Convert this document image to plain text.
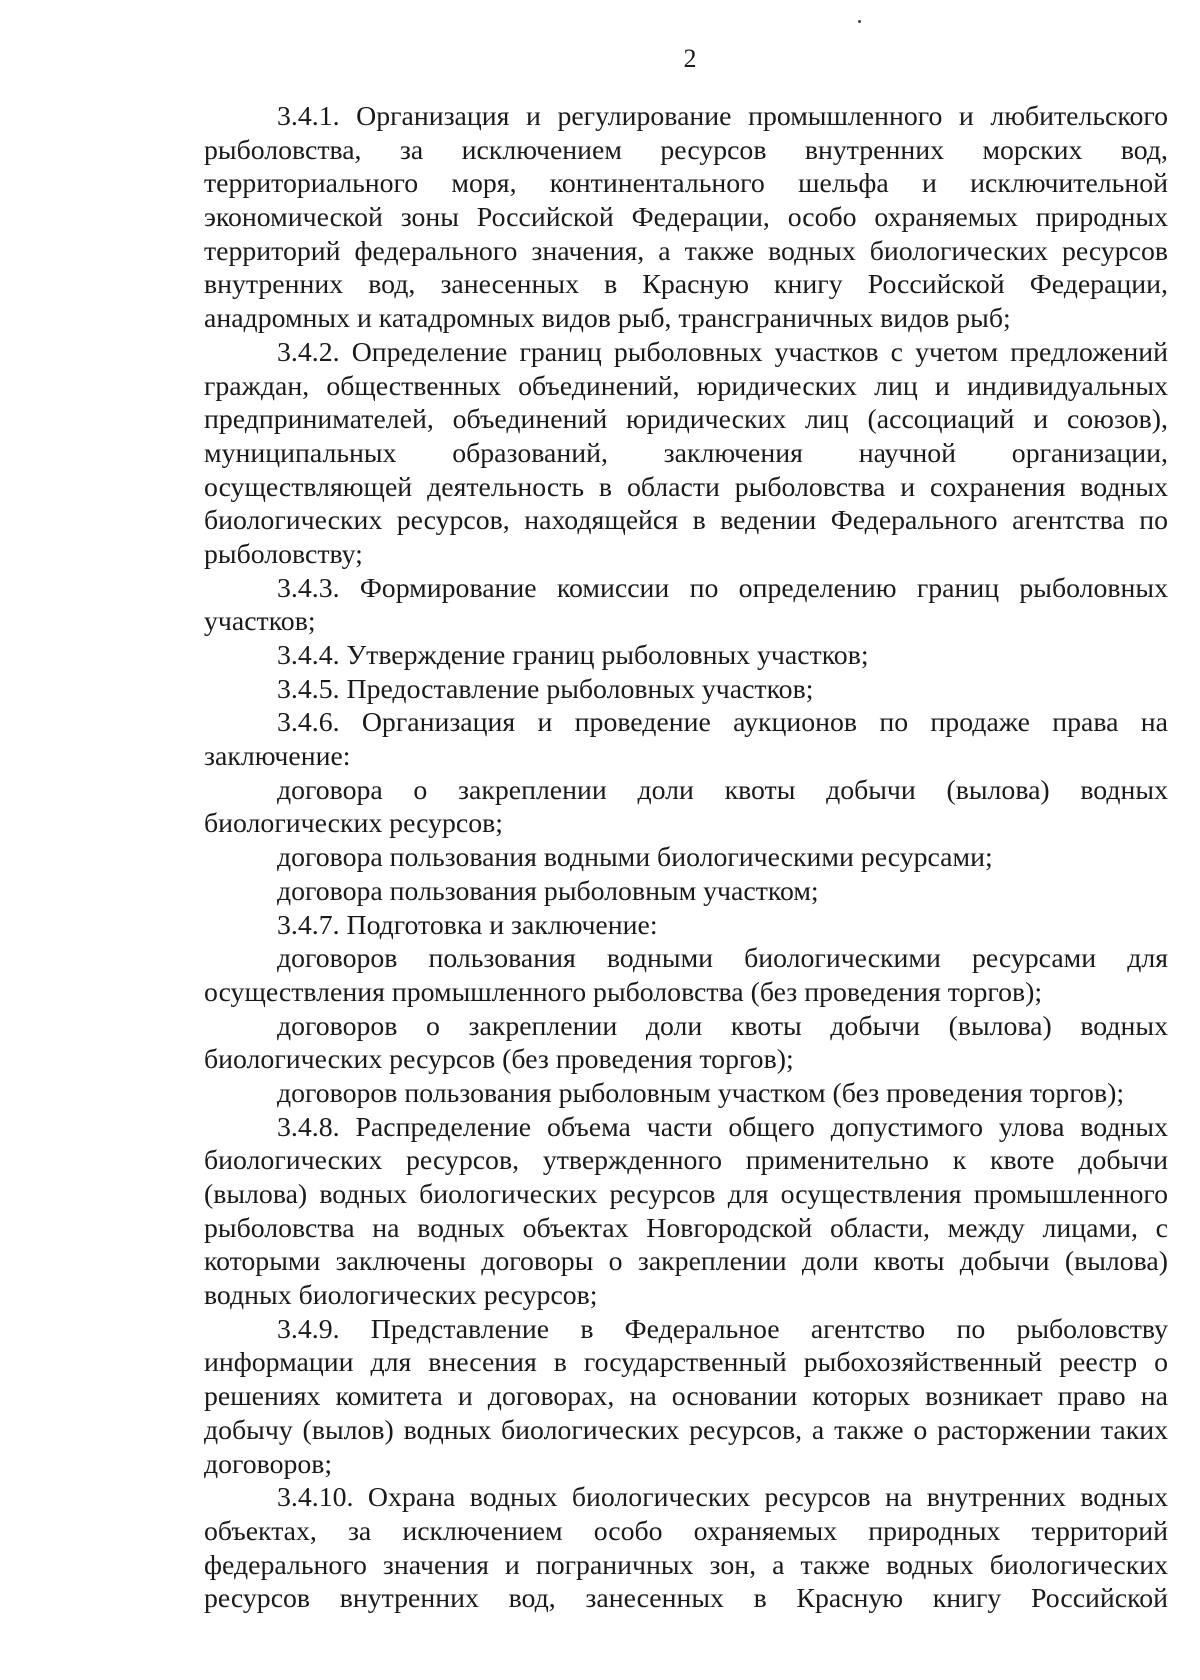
2

3.4.1. Организация и регулирование промышленного и любительского рыболовства, за исключением ресурсов внутренних морских вод, территориального моря, континентального шельфа и исключительной экономической зоны Российской Федерации, особо охраняемых природных территорий федерального значения, а также водных биологических ресурсов внутренних вод, занесенных в Красную книгу Российской Федерации, анадромных и катадромных видов рыб, трансграничных видов рыб;

3.4.2. Определение границ рыболовных участков с учетом предложений граждан, общественных объединений, юридических лиц и индивидуальных предпринимателей, объединений юридических лиц (ассоциаций и союзов), муниципальных образований, заключения научной организации, осуществляющей деятельность в области рыболовства и сохранения водных биологических ресурсов, находящейся в ведении Федерального агентства по рыболовству;

3.4.3. Формирование комиссии по определению границ рыболовных участков;

3.4.4. Утверждение границ рыболовных участков;

3.4.5. Предоставление рыболовных участков;

3.4.6. Организация и проведение аукционов по продаже права на заключение:

договора о закреплении доли квоты добычи (вылова) водных биологических ресурсов;

договора пользования водными биологическими ресурсами;

договора пользования рыболовным участком;

3.4.7. Подготовка и заключение:

договоров пользования водными биологическими ресурсами для осуществления промышленного рыболовства (без проведения торгов);

договоров о закреплении доли квоты добычи (вылова) водных биологических ресурсов (без проведения торгов);

договоров пользования рыболовным участком (без проведения торгов);

3.4.8. Распределение объема части общего допустимого улова водных биологических ресурсов, утвержденного применительно к квоте добычи (вылова) водных биологических ресурсов для осуществления промышленного рыболовства на водных объектах Новгородской области, между лицами, с которыми заключены договоры о закреплении доли квоты добычи (вылова) водных биологических ресурсов;

3.4.9. Представление в Федеральное агентство по рыболовству информации для внесения в государственный рыбохозяйственный реестр о решениях комитета и договорах, на основании которых возникает право на добычу (вылов) водных биологических ресурсов, а также о расторжении таких договоров;

3.4.10. Охрана водных биологических ресурсов на внутренних водных объектах, за исключением особо охраняемых природных территорий федерального значения и пограничных зон, а также водных биологических ресурсов внутренних вод, занесенных в Красную книгу Российской
